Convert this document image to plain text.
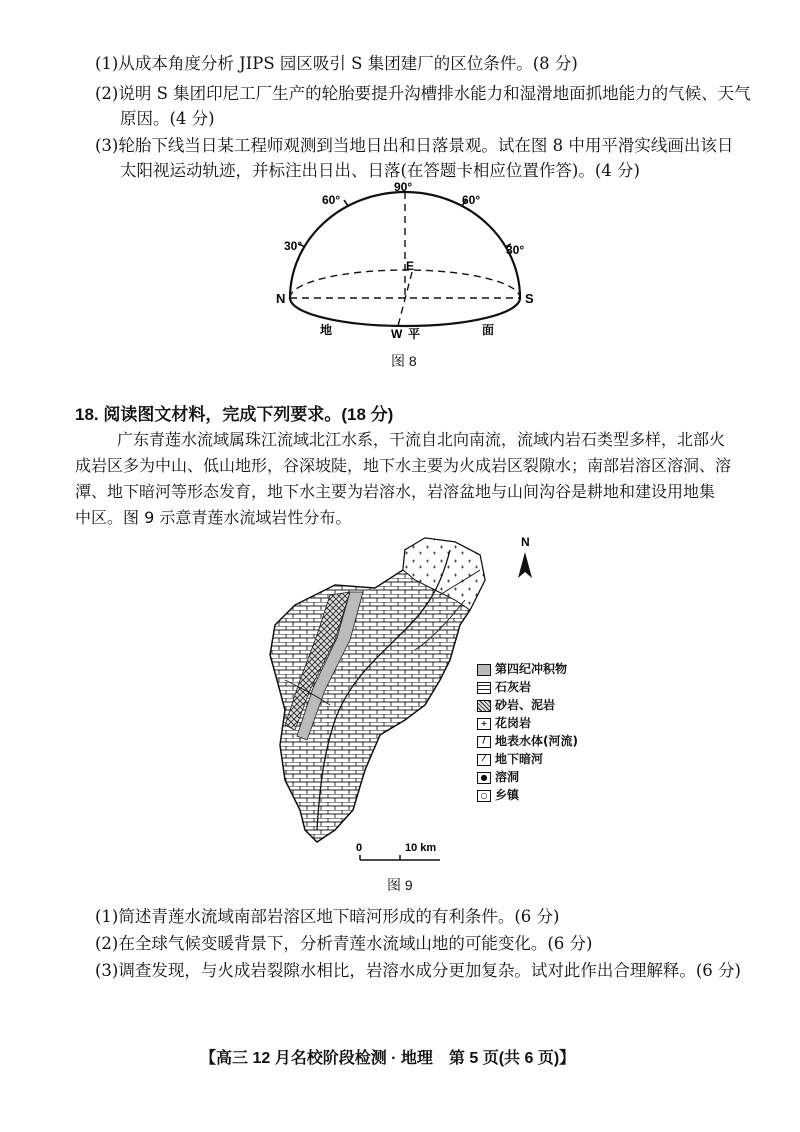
(1)从成本角度分析 JIPS 园区吸引 S 集团建厂的区位条件。(8 分)
(2)说明 S 集团印尼工厂生产的轮胎要提升沟槽排水能力和湿滑地面抓地能力的气候、天气
原因。(4 分)
(3)轮胎下线当日某工程师观测到当地日出和日落景观。试在图 8 中用平滑实线画出该日
太阳视运动轨迹，并标注出日出、日落(在答题卡相应位置作答)。(4 分)
90°
60°	60°
30°	30°
E
N	S
W
地	平	面
图 8
18. 阅读图文材料，完成下列要求。(18 分)
广东青莲水流域属珠江流域北江水系，干流自北向南流，流域内岩石类型多样，北部火
成岩区多为中山、低山地形，谷深坡陡，地下水主要为火成岩区裂隙水；南部岩溶区溶洞、溶
潭、地下暗河等形态发育，地下水主要为岩溶水，岩溶盆地与山间沟谷是耕地和建设用地集
中区。图 9 示意青莲水流域岩性分布。
N
0	10 km
第四纪冲积物
石灰岩
砂岩、泥岩
+ 花岗岩
/ 地表水体(河流)
⁄ 地下暗河
● 溶洞
○ 乡镇
图 9
(1)简述青莲水流域南部岩溶区地下暗河形成的有利条件。(6 分)
(2)在全球气候变暖背景下，分析青莲水流域山地的可能变化。(6 分)
(3)调查发现，与火成岩裂隙水相比，岩溶水成分更加复杂。试对此作出合理解释。(6 分)
【高三 12 月名校阶段检测 · 地理　第 5 页(共 6 页)】
